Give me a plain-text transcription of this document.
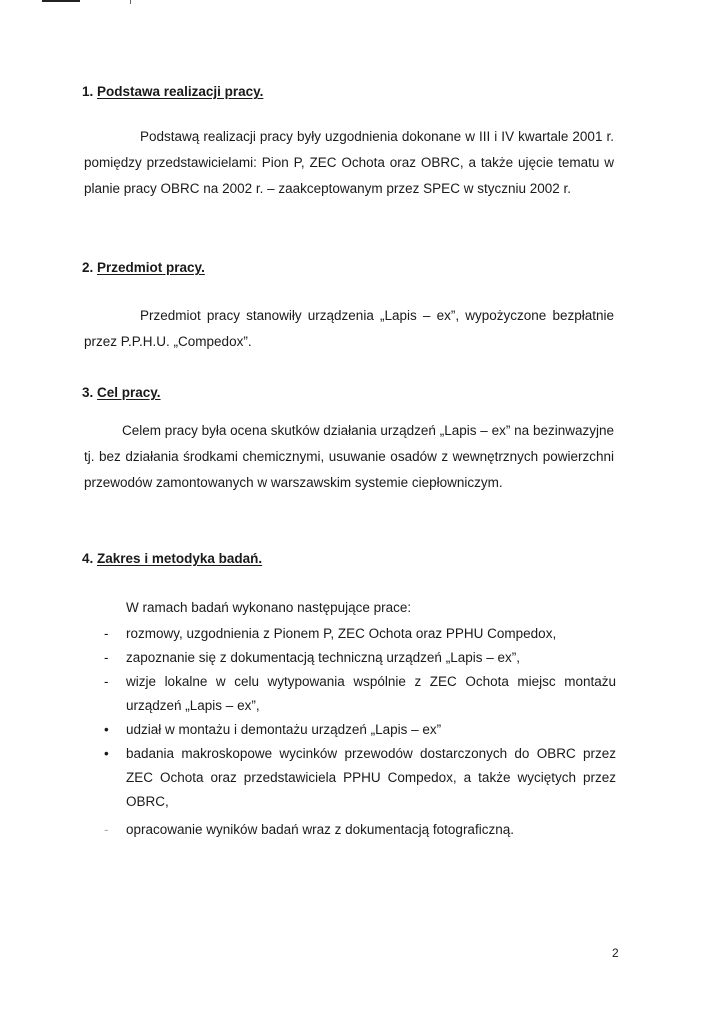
1. Podstawa realizacji pracy.

Podstawą realizacji pracy były uzgodnienia dokonane w III i IV kwartale 2001 r. pomiędzy przedstawicielami: Pion P, ZEC Ochota oraz OBRC, a także ujęcie tematu w planie pracy OBRC na 2002 r. – zaakceptowanym przez SPEC w styczniu 2002 r.

2. Przedmiot pracy.

Przedmiot pracy stanowiły urządzenia „Lapis – ex”, wypożyczone bezpłatnie przez P.P.H.U. „Compedox”.

3. Cel pracy.

Celem pracy była ocena skutków działania urządzeń „Lapis – ex” na bezinwazyjne tj. bez działania środkami chemicznymi, usuwanie osadów z wewnętrznych powierzchni przewodów zamontowanych w warszawskim systemie ciepłowniczym.

4. Zakres i metodyka badań.
W ramach badań wykonano następujące prace:
-	rozmowy, uzgodnienia z Pionem P, ZEC Ochota oraz PPHU Compedox,
-	zapoznanie się z dokumentacją techniczną urządzeń „Lapis – ex”,
-	wizje lokalne w celu wytypowania wspólnie z ZEC Ochota miejsc montażu urządzeń „Lapis – ex”,
•	udział w montażu i demontażu urządzeń „Lapis – ex”
•	badania makroskopowe wycinków przewodów dostarczonych do OBRC przez ZEC Ochota oraz przedstawiciela PPHU Compedox, a także wyciętych przez OBRC,
-	opracowanie wyników badań wraz z dokumentacją fotograficzną.
2
